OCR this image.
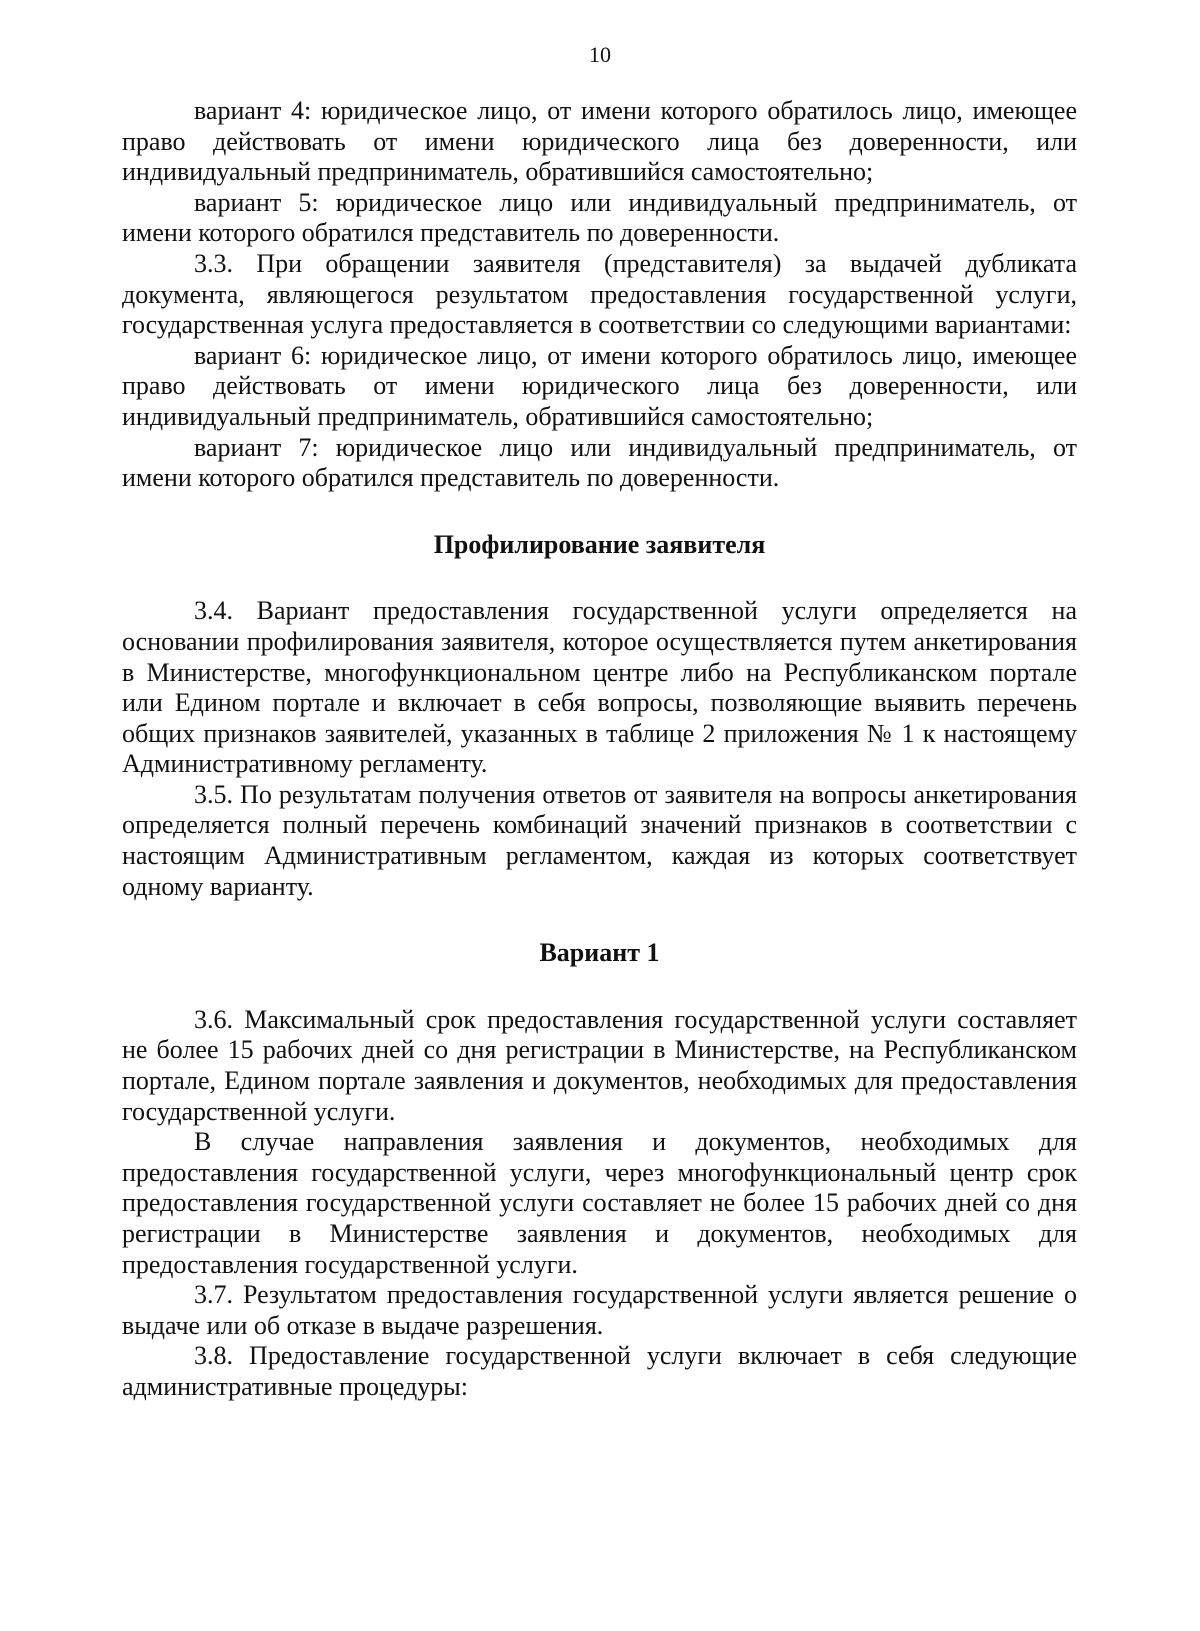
10

вариант 4: юридическое лицо, от имени которого обратилось лицо, имеющее право действовать от имени юридического лица без доверенности, или индивидуальный предприниматель, обратившийся самостоятельно;

вариант 5: юридическое лицо или индивидуальный предприниматель, от имени которого обратился представитель по доверенности.

3.3. При обращении заявителя (представителя) за выдачей дубликата документа, являющегося результатом предоставления государственной услуги, государственная услуга предоставляется в соответствии со следующими вариантами:

вариант 6: юридическое лицо, от имени которого обратилось лицо, имеющее право действовать от имени юридического лица без доверенности, или индивидуальный предприниматель, обратившийся самостоятельно;

вариант 7: юридическое лицо или индивидуальный предприниматель, от имени которого обратился представитель по доверенности.

Профилирование заявителя

3.4. Вариант предоставления государственной услуги определяется на основании профилирования заявителя, которое осуществляется путем анкетирования в Министерстве, многофункциональном центре либо на Республиканском портале или Едином портале и включает в себя вопросы, позволяющие выявить перечень общих признаков заявителей, указанных в таблице 2 приложения № 1 к настоящему Административному регламенту.

3.5. По результатам получения ответов от заявителя на вопросы анкетирования определяется полный перечень комбинаций значений признаков в соответствии с настоящим Административным регламентом, каждая из которых соответствует одному варианту.

Вариант 1

3.6. Максимальный срок предоставления государственной услуги составляет не более 15 рабочих дней со дня регистрации в Министерстве, на Республиканском портале, Едином портале заявления и документов, необходимых для предоставления государственной услуги.

В случае направления заявления и документов, необходимых для предоставления государственной услуги, через многофункциональный центр срок предоставления государственной услуги составляет не более 15 рабочих дней со дня регистрации в Министерстве заявления и документов, необходимых для предоставления государственной услуги.

3.7. Результатом предоставления государственной услуги является решение о выдаче или об отказе в выдаче разрешения.

3.8. Предоставление государственной услуги включает в себя следующие административные процедуры:
